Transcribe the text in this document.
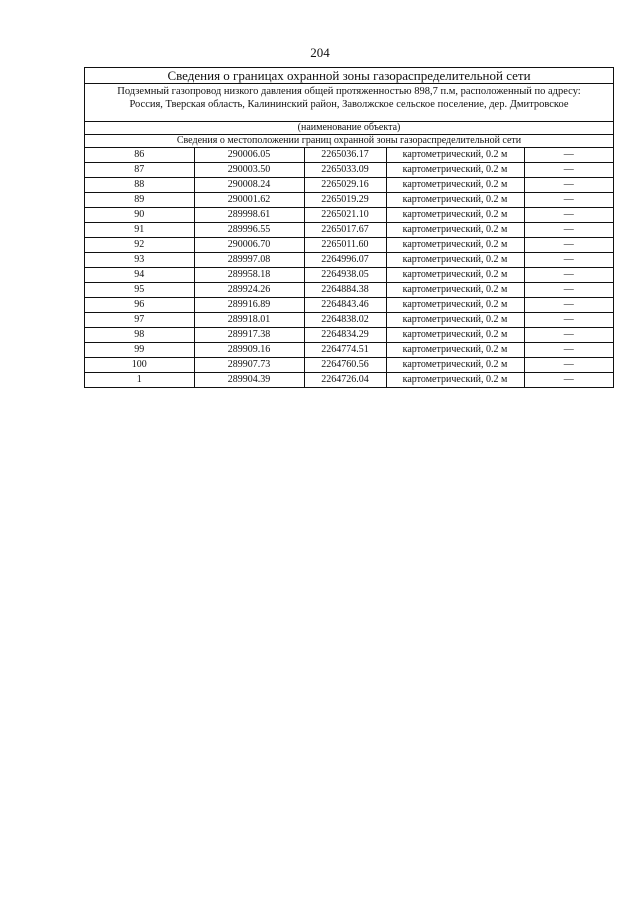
204
Сведения о границах охранной зоны газораспределительной сети
Подземный газопровод низкого давления общей протяженностью 898,7 п.м, расположенный по адресу:
Россия, Тверская область, Калининский район, Заволжское сельское поселение, дер. Дмитровское
(наименование объекта)
Сведения о местоположении границ охранной зоны газораспределительной сети
86	290006.05	2265036.17	картометрический, 0.2 м	—
87	290003.50	2265033.09	картометрический, 0.2 м	—
88	290008.24	2265029.16	картометрический, 0.2 м	—
89	290001.62	2265019.29	картометрический, 0.2 м	—
90	289998.61	2265021.10	картометрический, 0.2 м	—
91	289996.55	2265017.67	картометрический, 0.2 м	—
92	290006.70	2265011.60	картометрический, 0.2 м	—
93	289997.08	2264996.07	картометрический, 0.2 м	—
94	289958.18	2264938.05	картометрический, 0.2 м	—
95	289924.26	2264884.38	картометрический, 0.2 м	—
96	289916.89	2264843.46	картометрический, 0.2 м	—
97	289918.01	2264838.02	картометрический, 0.2 м	—
98	289917.38	2264834.29	картометрический, 0.2 м	—
99	289909.16	2264774.51	картометрический, 0.2 м	—
100	289907.73	2264760.56	картометрический, 0.2 м	—
1	289904.39	2264726.04	картометрический, 0.2 м	—
